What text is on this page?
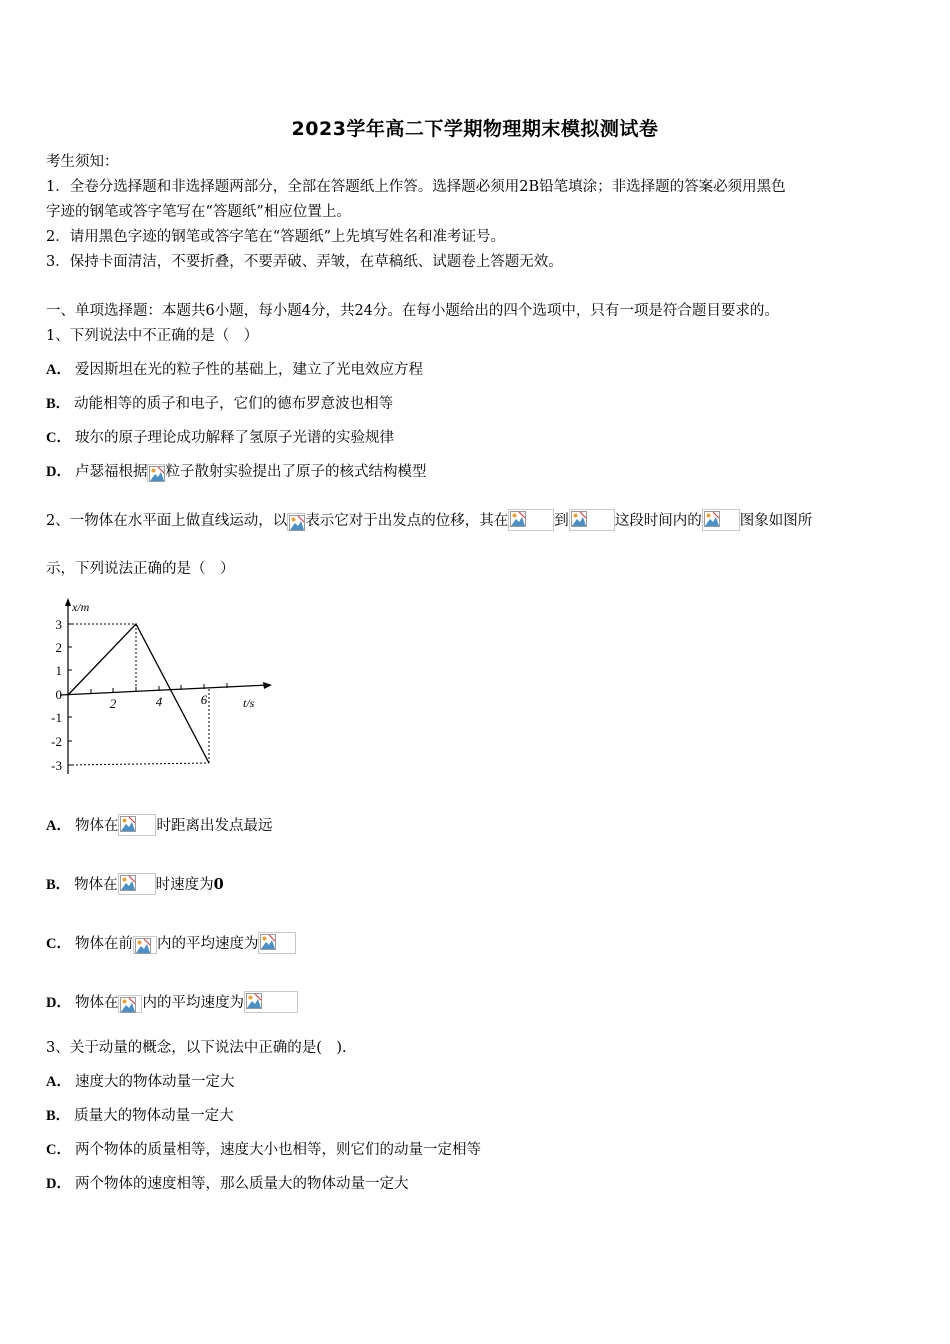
2023学年高二下学期物理期末模拟测试卷
考生须知：
1．全卷分选择题和非选择题两部分，全部在答题纸上作答。选择题必须用2B铅笔填涂；非选择题的答案必须用黑色
字迹的钢笔或答字笔写在“答题纸”相应位置上。
2．请用黑色字迹的钢笔或答字笔在“答题纸”上先填写姓名和准考证号。
3．保持卡面清洁，不要折叠，不要弄破、弄皱，在草稿纸、试题卷上答题无效。
一、单项选择题：本题共6小题，每小题4分，共24分。在每小题给出的四个选项中，只有一项是符合题目要求的。
1、下列说法中不正确的是（　）
A． 爱因斯坦在光的粒子性的基础上，建立了光电效应方程
B． 动能相等的质子和电子，它们的德布罗意波也相等
C． 玻尔的原子理论成功解释了氢原子光谱的实验规律
D． 卢瑟福根据 粒子散射实验提出了原子的核式结构模型
2、一物体在水平面上做直线运动，以 表示它对于出发点的位移，其在	到	这段时间内的	图象如图所
示，下列说法正确的是（　）
x/m
t/s
3
2
1
0
-1
-2
-3
2	4	6
A． 物体在	时距离出发点最远
B． 物体在	时速度为0
C． 物体在前 内的平均速度为
D． 物体在 内的平均速度为
3、关于动量的概念，以下说法中正确的是(　).
A． 速度大的物体动量一定大
B． 质量大的物体动量一定大
C． 两个物体的质量相等，速度大小也相等，则它们的动量一定相等
D． 两个物体的速度相等，那么质量大的物体动量一定大
